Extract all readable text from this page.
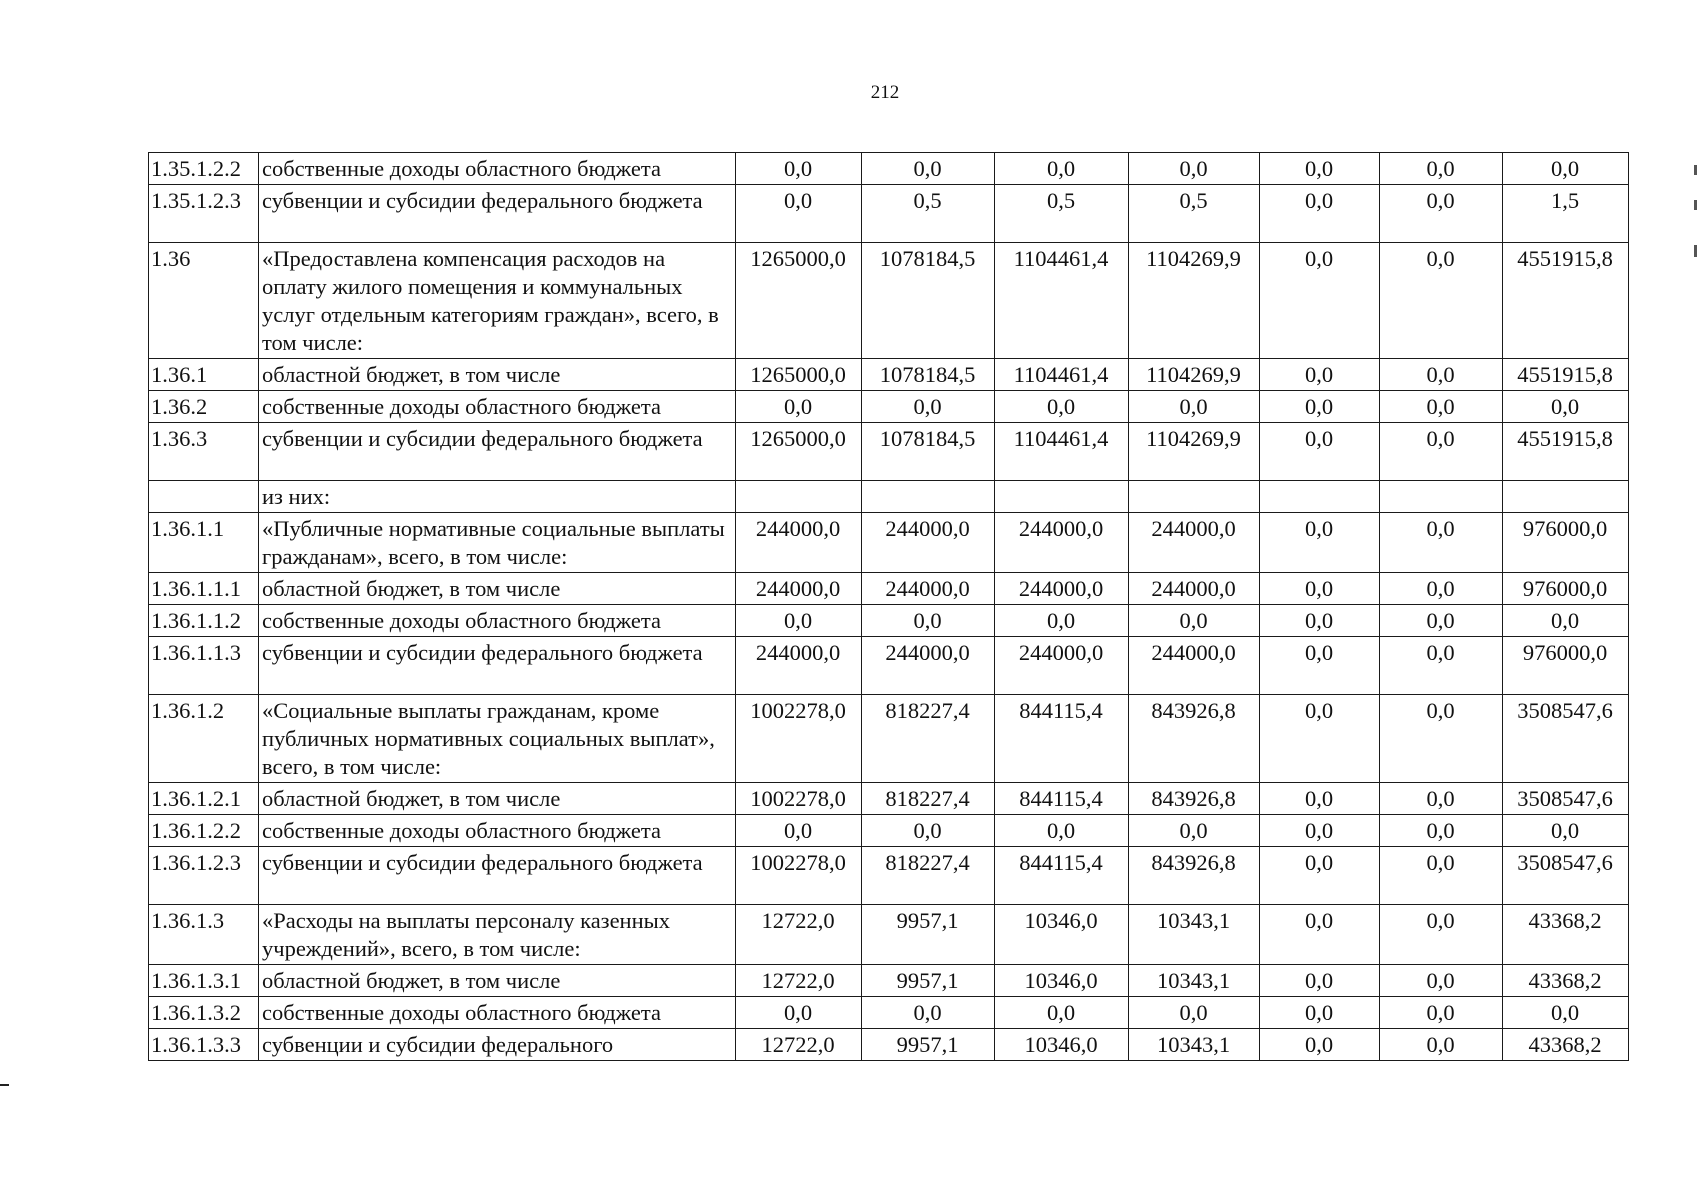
212
1.35.1.2.2	собственные доходы областного бюджета	0,0	0,0	0,0	0,0	0,0	0,0	0,0
1.35.1.2.3	субвенции и субсидии федерального бюджета	0,0	0,5	0,5	0,5	0,0	0,0	1,5
1.36	«Предоставлена компенсация расходов на оплату жилого помещения и коммунальных услуг отдельным категориям граждан», всего, в том числе:	1265000,0	1078184,5	1104461,4	1104269,9	0,0	0,0	4551915,8
1.36.1	областной бюджет, в том числе	1265000,0	1078184,5	1104461,4	1104269,9	0,0	0,0	4551915,8
1.36.2	собственные доходы областного бюджета	0,0	0,0	0,0	0,0	0,0	0,0	0,0
1.36.3	субвенции и субсидии федерального бюджета	1265000,0	1078184,5	1104461,4	1104269,9	0,0	0,0	4551915,8
	из них:							
1.36.1.1	«Публичные нормативные социальные выплаты гражданам», всего, в том числе:	244000,0	244000,0	244000,0	244000,0	0,0	0,0	976000,0
1.36.1.1.1	областной бюджет, в том числе	244000,0	244000,0	244000,0	244000,0	0,0	0,0	976000,0
1.36.1.1.2	собственные доходы областного бюджета	0,0	0,0	0,0	0,0	0,0	0,0	0,0
1.36.1.1.3	субвенции и субсидии федерального бюджета	244000,0	244000,0	244000,0	244000,0	0,0	0,0	976000,0
1.36.1.2	«Социальные выплаты гражданам, кроме публичных нормативных социальных выплат», всего, в том числе:	1002278,0	818227,4	844115,4	843926,8	0,0	0,0	3508547,6
1.36.1.2.1	областной бюджет, в том числе	1002278,0	818227,4	844115,4	843926,8	0,0	0,0	3508547,6
1.36.1.2.2	собственные доходы областного бюджета	0,0	0,0	0,0	0,0	0,0	0,0	0,0
1.36.1.2.3	субвенции и субсидии федерального бюджета	1002278,0	818227,4	844115,4	843926,8	0,0	0,0	3508547,6
1.36.1.3	«Расходы на выплаты персоналу казенных учреждений», всего, в том числе:	12722,0	9957,1	10346,0	10343,1	0,0	0,0	43368,2
1.36.1.3.1	областной бюджет, в том числе	12722,0	9957,1	10346,0	10343,1	0,0	0,0	43368,2
1.36.1.3.2	собственные доходы областного бюджета	0,0	0,0	0,0	0,0	0,0	0,0	0,0
1.36.1.3.3	субвенции и субсидии федерального	12722,0	9957,1	10346,0	10343,1	0,0	0,0	43368,2
